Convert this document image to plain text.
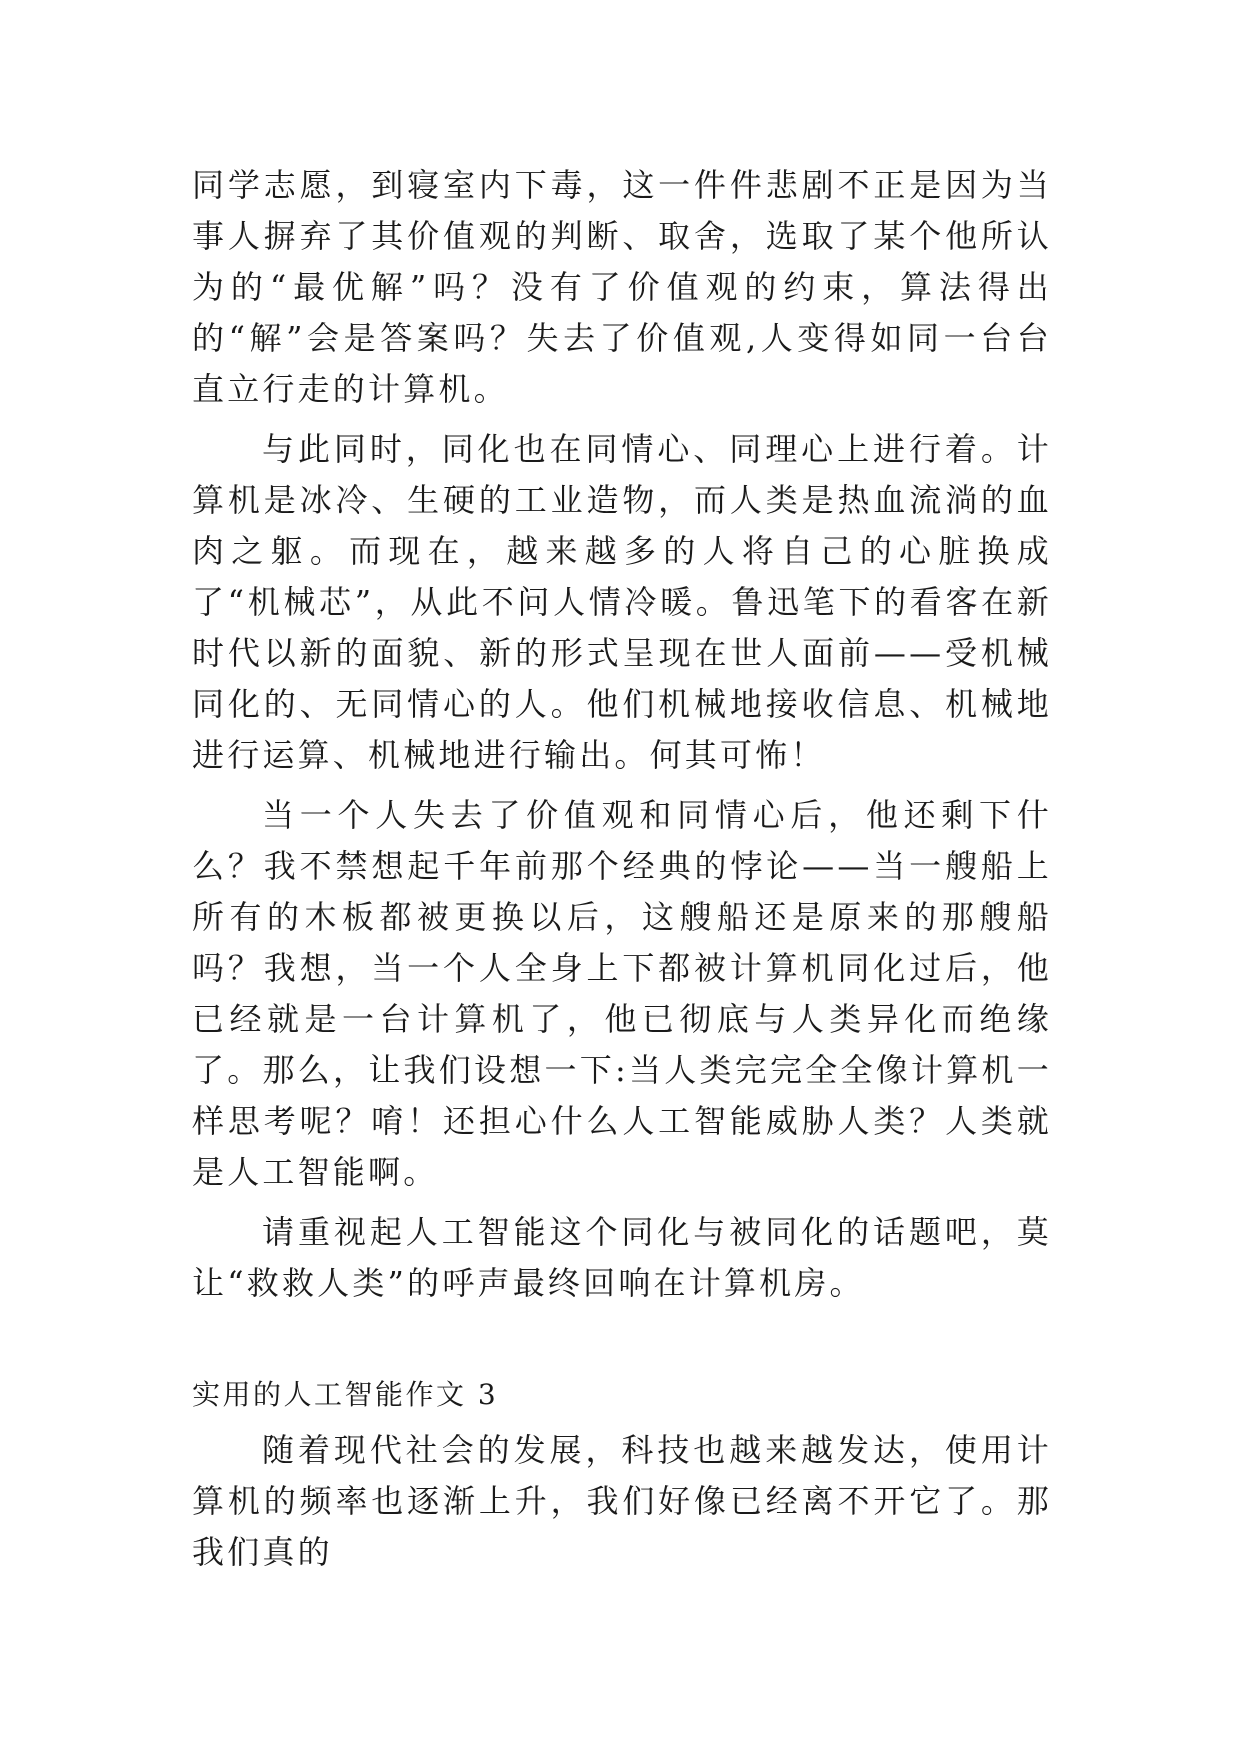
同学志愿，到寝室内下毒，这一件件悲剧不正是因为当事人摒弃了其价值观的判断、取舍，选取了某个他所认为的“最优解”吗？没有了价值观的约束，算法得出的“解”会是答案吗？失去了价值观,人变得如同一台台直立行走的计算机。

与此同时，同化也在同情心、同理心上进行着。计算机是冰冷、生硬的工业造物，而人类是热血流淌的血肉之躯。而现在，越来越多的人将自己的心脏换成了“机械芯”，从此不问人情冷暖。鲁迅笔下的看客在新时代以新的面貌、新的形式呈现在世人面前——受机械同化的、无同情心的人。他们机械地接收信息、机械地进行运算、机械地进行输出。何其可怖！

当一个人失去了价值观和同情心后，他还剩下什么？我不禁想起千年前那个经典的悖论——当一艘船上所有的木板都被更换以后，这艘船还是原来的那艘船吗？我想，当一个人全身上下都被计算机同化过后，他已经就是一台计算机了，他已彻底与人类异化而绝缘了。那么，让我们设想一下:当人类完完全全像计算机一样思考呢？唷！还担心什么人工智能威胁人类？人类就是人工智能啊。

请重视起人工智能这个同化与被同化的话题吧，莫让“救救人类”的呼声最终回响在计算机房。

实用的人工智能作文 3

随着现代社会的发展，科技也越来越发达，使用计算机的频率也逐渐上升，我们好像已经离不开它了。那我们真的
